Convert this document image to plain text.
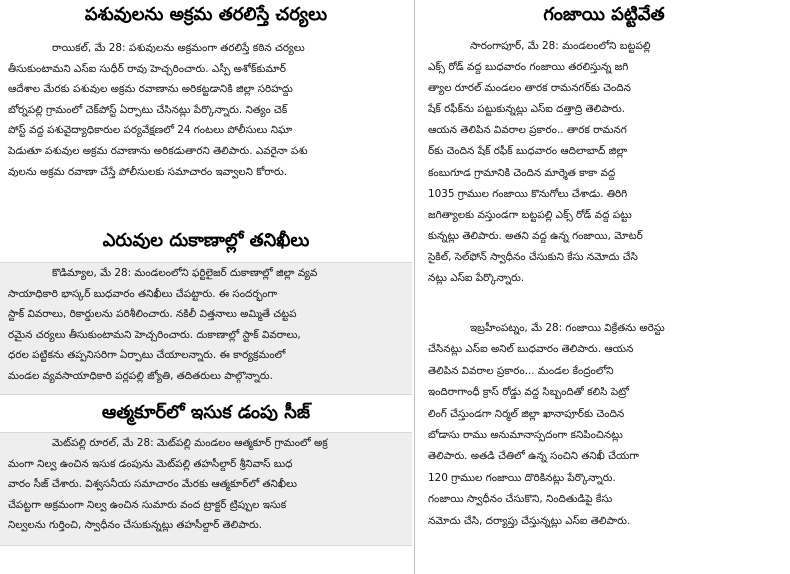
పశువులను అక్రమ తరలిస్తే చర్యలు
రాయికల్‌, మే 28: పశువులను అక్రమంగా తరలిస్తే కఠిన చర్యలు
తీసుకుంటామని ఎస్‌ఐ సుధీర్‌ రావు హెచ్చరించారు. ఎస్పీ అశోక్‌కుమార్‌
ఆదేశాల మేరకు పశువుల అక్రమ రవాణాను అరికట్టడానికి జిల్లా సరిహద్దు
బోర్నపల్లి గ్రామంలో చెక్‌పోస్ట్‌ ఏర్పాటు చేసినట్లు పేర్కొన్నారు. నిత్యం చెక్‌
పోస్ట్‌ వద్ద పశువైద్యాధికారుల పర్యవేక్షణలో 24 గంటలు పోలీసులు నిఘా
పెడుతూ పశువుల అక్రమ రవాణాను అరికడుతారని తెలిపారు. ఎవరైనా పశు
వులను అక్రమ రవాణా చేస్తే పోలీసులకు సమాచారం ఇవ్వాలని కోరారు.
ఎరువుల దుకాణాల్లో తనిఖీలు
కొడిమ్యాల, మే 28: మండలంలోని ఫర్టిలైజర్‌ దుకాణాల్లో జిల్లా వ్యవ
సాయాధికారి భాస్కర్‌ బుధవారం తనిఖీలు చేపట్టారు. ఈ సందర్భంగా
స్టాక్‌ వివరాలు, రికార్డులను పరిశీలించారు. నకిలీ విత్తనాలు అమ్మితే చట్టప
రమైన చర్యలు తీసుకుంటామని హెచ్చరించారు. దుకాణాల్లో స్టాక్‌ వివరాలు,
ధరల పట్టికను తప్పనిసరిగా ఏర్పాటు చేయాలన్నారు. ఈ కార్యక్రమంలో
మండల వ్యవసాయాధికారి పర్లపల్లి జ్యోతి, తదితరులు పాల్గొన్నారు.
ఆత్మకూర్‌లో ఇసుక డంపు సీజ్‌
మెట్‌పల్లి రూరల్‌, మే 28: మెట్‌పల్లి మండలం ఆత్మకూర్‌ గ్రామంలో అక్ర
మంగా నిల్వ ఉంచిన ఇసుక డంపును మెట్‌పల్లి తహసీల్దార్‌ శ్రీనివాస్‌ బుధ
వారం సీజ్‌ చేశారు. విశ్వసనీయ సమాచారం మేరకు ఆత్మకూర్‌లో తనిఖీలు
చేపట్టగా అక్రమంగా నిల్వ ఉంచిన సుమారు వంద ట్రాక్టర్‌ ట్రిప్పుల ఇసుక
నిల్వలను గుర్తించి, స్వాధీనం చేసుకున్నట్లు తహసీల్దార్‌ తెలిపారు.
గంజాయి పట్టివేత
సారంగాపూర్‌, మే 28: మండలంలోని బట్టపల్లి
ఎక్స్‌ రోడ్‌ వద్ద బుధవారం గంజాయి తరలిస్తున్న జగి
త్యాల రూరల్‌ మండలం తారక రామనగర్‌కు చెందిన
షేక్‌ రఫీక్‌ను పట్టుకున్నట్లు ఎస్‌ఐ దత్తాద్రి తెలిపారు.
ఆయన తెలిపిన వివరాల ప్రకారం.. తారక రామనగ
ర్‌కు చెందిన షేక్‌ రఫీక్‌ బుధవారం ఆదిలాబాద్‌ జిల్లా
కంబుగూడ గ్రామానికి చెందిన మార్శెత కాకా వద్ద
1035 గ్రాముల గంజాయి కొనుగోలు చేశాడు. తిరిగి
జగిత్యాలకు వస్తుండగా బట్టపల్లి ఎక్స్‌ రోడ్‌ వద్ద పట్టు
కున్నట్లు తెలిపారు. అతని వద్ద ఉన్న గంజాయి, మోటర్‌
సైకిల్‌, సెల్‌ఫోన్‌ స్వాధీనం చేసుకుని కేసు నమోదు చేసి
నట్లు ఎస్‌ఐ పేర్కొన్నారు.
ఇబ్రహీంపట్నం, మే 28: గంజాయి విక్రేతను అరెస్టు
చేసినట్లు ఎస్‌ఐ అనిల్‌ బుధవారం తెలిపారు. ఆయన
తెలిపిన వివరాల ప్రకారం... మండల కేంద్రంలోని
ఇందిరాగాంధీ క్రాస్‌ రోడ్డు వద్ద సిబ్బందితో కలిసి పెట్రో
లింగ్‌ చేస్తుండగా నిర్మల్‌ జిల్లా ఖానాపూర్‌కు చెందిన
బోడాసు రాము అనుమానాస్పదంగా కనిపించినట్లు
తెలిపారు. అతడి చేతిలో ఉన్న సంచిని తనిఖీ చేయగా
120 గ్రాముల గంజాయి దొరికినట్లు పేర్కొన్నారు.
గంజాయి స్వాధీనం చేసుకొని, నిందితుడిపై కేసు
నమోదు చేసి, దర్యాప్తు చేస్తున్నట్లు ఎస్‌ఐ తెలిపారు.
